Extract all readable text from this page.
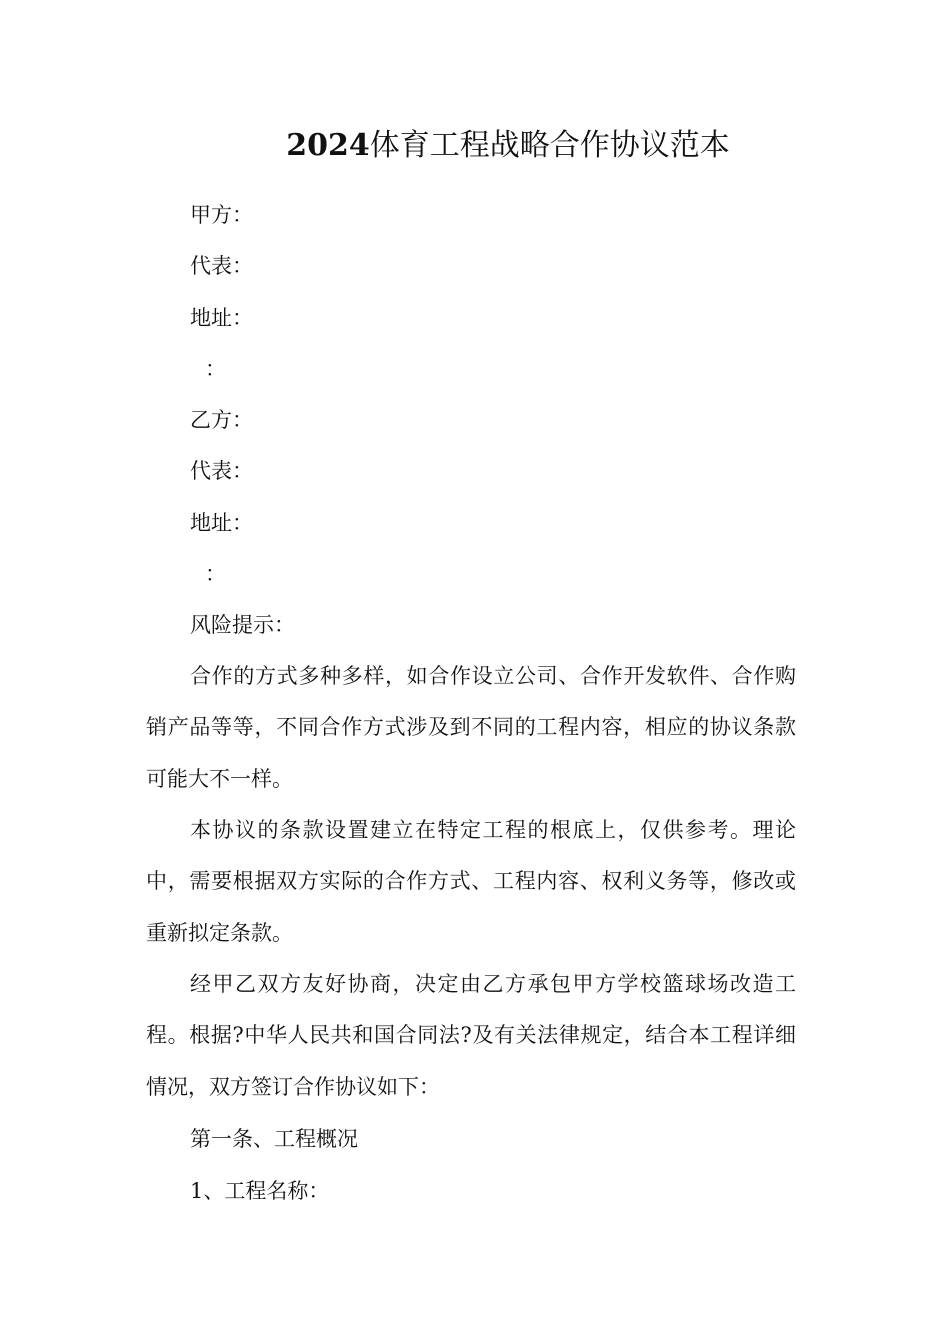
2024体育工程战略合作协议范本
甲方：
代表：
地址：
：
乙方：
代表：
地址：
：
风险提示：
合作的方式多种多样，如合作设立公司、合作开发软件、合作购销产品等等，不同合作方式涉及到不同的工程内容，相应的协议条款可能大不一样。
本协议的条款设置建立在特定工程的根底上，仅供参考。理论中，需要根据双方实际的合作方式、工程内容、权利义务等，修改或重新拟定条款。
经甲乙双方友好协商，决定由乙方承包甲方学校篮球场改造工程。根据?中华人民共和国合同法?及有关法律规定，结合本工程详细情况，双方签订合作协议如下：
第一条、工程概况
1、工程名称：
